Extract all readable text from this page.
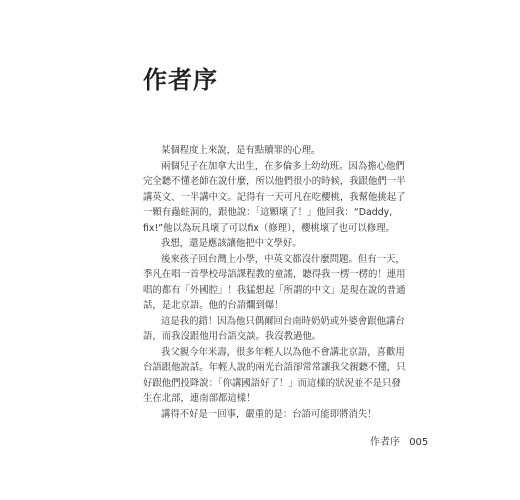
作者序
某個程度上來說，是有點贖罪的心理。
兩個兒子在加拿大出生，在多倫多上幼幼班。因為擔心他們
完全聽不懂老師在說什麼，所以他們很小的時候，我跟他們一半
講英文、一半講中文。記得有一天可凡在吃櫻桃，我幫他挑起了
一顆有蟲蛀洞的，跟他說：「這顆壞了！」他回我：“Daddy,
fix!”他以為玩具壞了可以fix（修理），櫻桃壞了也可以修理。
我想，還是應該讓他把中文學好。
後來孩子回台灣上小學，中英文都沒什麼問題。但有一天，
季凡在唱一首學校母語課程教的童謠，聽得我一楞一楞的！連用
唱的都有「外國腔」！我猛想起「所謂的中文」是現在說的普通
話，是北京語。他的台語爛到爆！
這是我的錯！因為他只偶爾回台南時奶奶或外婆會跟他講台
語，而我沒跟他用台語交談。我沒教過他。
我父親今年米壽，很多年輕人以為他不會講北京語，喜歡用
台語跟他說話。年輕人說的兩光台語卻常常讓我父親聽不懂，只
好跟他們投降說：「你講國語好了！」而這樣的狀況並不是只發
生在北部，連南部都這樣！
講得不好是一回事，嚴重的是：台語可能即將消失！
作者序 005
